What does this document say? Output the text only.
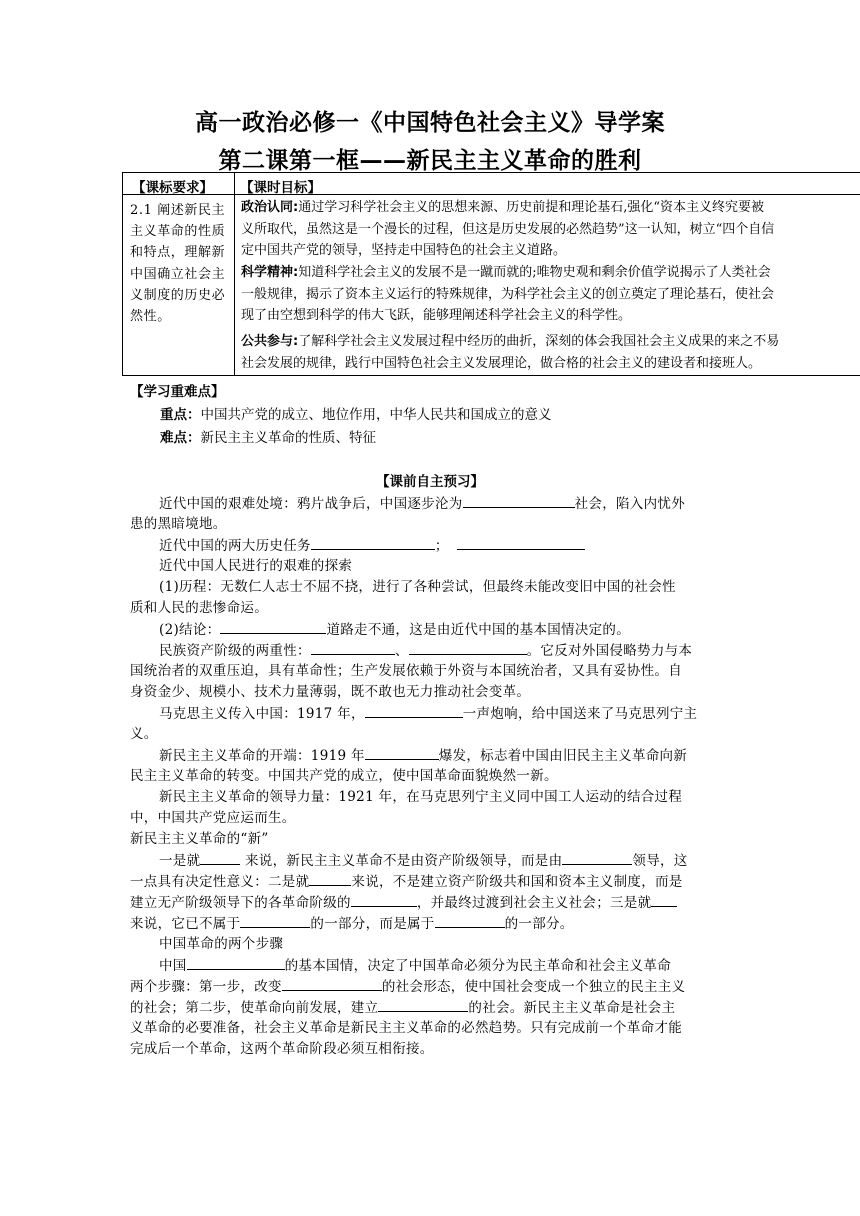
高一政治必修一《中国特色社会主义》导学案
第二课第一框——新民主主义革命的胜利
【课标要求】 【课时目标】
2.1 阐述新民主主义革命的性质和特点，理解新中国确立社会主义制度的历史必然性。
政治认同:通过学习科学社会主义的思想来源、历史前提和理论基石,强化“资本主义终究要被
义所取代，虽然这是一个漫长的过程，但这是历史发展的必然趋势”这一认知，树立“四个自信
定中国共产党的领导，坚持走中国特色的社会主义道路。
科学精神:知道科学社会主义的发展不是一蹴而就的;唯物史观和剩余价值学说揭示了人类社会
一般规律，揭示了资本主义运行的特殊规律，为科学社会主义的创立奠定了理论基石，使社会
现了由空想到科学的伟大飞跃，能够理阐述科学社会主义的科学性。
公共参与:了解科学社会主义发展过程中经历的曲折，深刻的体会我国社会主义成果的来之不易
社会发展的规律，践行中国特色社会主义发展理论，做合格的社会主义的建设者和接班人。
【学习重难点】
重点：中国共产党的成立、地位作用，中华人民共和国成立的意义
难点：新民主主义革命的性质、特征
【课前自主预习】
近代中国的艰难处境：鸦片战争后，中国逐步沦为	社会，陷入内忧外
患的黑暗境地。
近代中国的两大历史任务	；
近代中国人民进行的艰难的探索
(1)历程：无数仁人志士不屈不挠，进行了各种尝试，但最终未能改变旧中国的社会性
质和人民的悲惨命运。
(2)结论：	道路走不通，这是由近代中国的基本国情决定的。
民族资产阶级的两重性：	、	。它反对外国侵略势力与本
国统治者的双重压迫，具有革命性；生产发展依赖于外资与本国统治者，又具有妥协性。自
身资金少、规模小、技术力量薄弱，既不敢也无力推动社会变革。
马克思主义传入中国：1917 年，	一声炮响，给中国送来了马克思列宁主
义。
新民主主义革命的开端：1919 年	爆发，标志着中国由旧民主主义革命向新
民主主义革命的转变。中国共产党的成立，使中国革命面貌焕然一新。
新民主主义革命的领导力量：1921 年，在马克思列宁主义同中国工人运动的结合过程
中，中国共产党应运而生。
新民主主义革命的“新”
一是就	来说，新民主主义革命不是由资产阶级领导，而是由	领导，这
一点具有决定性意义：二是就	来说，不是建立资产阶级共和国和资本主义制度，而是
建立无产阶级领导下的各革命阶级的	，并最终过渡到社会主义社会；三是就
来说，它已不属于	的一部分，而是属于	的一部分。
中国革命的两个步骤
中国	的基本国情，决定了中国革命必须分为民主革命和社会主义革命
两个步骤：第一步，改变	的社会形态，使中国社会变成一个独立的民主主义
的社会；第二步，使革命向前发展，建立	的社会。新民主主义革命是社会主
义革命的必要准备，社会主义革命是新民主主义革命的必然趋势。只有完成前一个革命才能
完成后一个革命，这两个革命阶段必须互相衔接。
